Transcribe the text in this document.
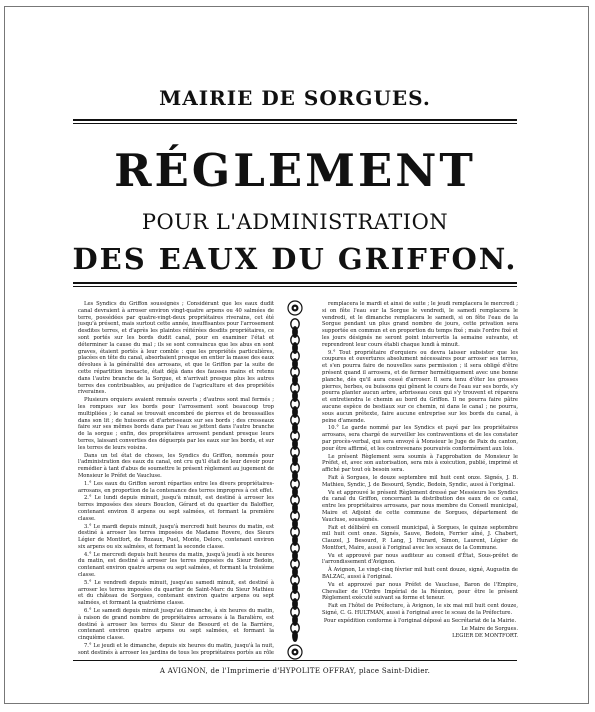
MAIRIE DE SORGUES.
RÉGLEMENT
POUR L'ADMINISTRATION
DES EAUX DU GRIFFON.

Les Syndics du Griffon soussignés ; Considérant que les eaux dudit canal devraient à arroser environ vingt-quatre arpens ou 40 salmées de terre, possédées par quatre-vingt-deux propriétaires riverains, cet été jusqu'à présent, mais surtout cette année, insuffisantes pour l'arrosement desdites terres, et d'après les plaintes réitérées desdits propriétaires, ce sont portés sur les bords dudit canal, pour en examiner l'état et déterminer la cause du mal ; ils se sont convaincus que les abus en sont graves, étaient portés à leur comble : que les propriétés particulières, placées en tête du canal, absorbaient presque en entier la masse des eaux dévolues à la généralité des arrosans, et que le Griffon par la suite de cette répartition inexacte, était déjà dans des fausses mains et retenu dans l'autre branche de la Sorgue, et n'arrivait presque plus les autres terres des contribuables, au préjudice de l'agriculture et des propriétés riveraines.

Plusieurs orquiers avaient remués ouverts ; d'autres sont mal fermés ; les rompues sur les bords pour l'arrosement sont beaucoup trop multipliées ; le canal se trouvait encombré de pierres et de broussailles dans son lit ; de huissons et d'arbrisseaux sur ses bords ; des cresseaux faire sur ses mêmes bords dans par l'eau se jettent dans l'autre branche de la sorgue ; enfin, des propriétaires arrosent pendant presque leurs terres, laissant converties des déguerpis par les eaux sur les bords, et sur les terres de leurs voisins.

Dans un tel état de choses, les Syndics du Griffon, nommés pour l'administration des eaux du canal, ont cru qu'il était de leur devoir pour remédier à tant d'abus de soumettre le présent règlement au jugement de Monsieur le Préfet de Vaucluse.

1.° Les eaux du Griffon seront réparties entre les divers propriétaires-arrosans, en proportion de la contenance des terres impropres à cet effet.

2.° Le lundi depuis minuit, jusqu'à minuit, est destiné à arroser les terres imposées des sieurs Bouclon, Gérard et du quartier du Baloffier, contenant environ 8 arpens ou sept salmées, et formant la première classe.

3.° Le mardi depuis minuit, jusqu'à mercredi huit heures du matin, est destiné à arroser les terres imposées de Madame Rovere, des Sieurs Légier de Montfort, de Rozaux, Puel, Monte, Delors, contenant environ six arpens ou six salmées, et formant la seconde classe.

4.° Le mercredi depuis huit heures du matin, jusqu'à jeudi à six heures du matin, est destiné à arroser les terres imposées du Sieur Bedoin, contenant environ quatre arpens ou sept salmées, et formant la troisième classe.

5.° Le vendredi depuis minuit, jusqu'au samedi minuit, est destiné à arroser les terres imposées du quartier de Saint-Marc du Sieur Mathieu et du château de Sorgues, contenant environ quatre arpens ou sept salmées, et formant la quatrième classe.

6.° Le samedi depuis minuit jusqu'au dimanche, à six heures du matin, à raison de grand nombre de propriétaires arrosans à la Baralière, est destiné à arroser les terres du Sieur de Besourd et de la Barrière, contenant environ quatre arpens ou sept salmées, et formant la cinquième classe.

7.° Le jeudi et le dimanche, depuis six heures du matin, jusqu'à la nuit, sont destinés à arroser les jardins de tous les propriétaires portés au rôle

remplacera le mardi et ainsi de suite ; le jeudi remplacera le mercredi ; si on fête l'eau sur la Sorgue le vendredi, le samedi remplacera le vendredi, et le dimanche remplacera le samedi, si on fête l'eau de la Sorgue pendant un plus grand nombre de jours, cette privation sera supportée en commun et en proportion du temps fixé ; mais l'ordre fixé et les jours désignés ne seront point intervertis la semaine suivante, et reprendront leur cours établi chaque lundi à minuit.

9.° Tout propriétaire d'orquiers ou devra laisser subsister que les coupures et ouvertures absolument nécessaires pour arroser ses terres, et s'en pourra faire de nouvelles sans permission ; il sera obligé d'être présent quand il arrosera, et de fermer hermétiquement avec une bonne planche, dès qu'il aura cessé d'arroser. Il sera tenu d'ôter les grosses pierres, herbes, ou buissons qui gênent le cours de l'eau sur ses bords, s'y pourra planter aucun arbre, arbrisseau ceux qui s'y trouvent et réparera et entretiendra le chemin au bord du Griffon. Il ne pourra faire pâtre aucune espèce de bestiaux sur ce chemin, ni dans le canal ; ne pourra, sous aucun prétexte, faire aucune entreprise sur les bords du canal, à peine d'amende.

10.° Le garde nommé par les Syndics et payé par les propriétaires arrosans, sera chargé de surveiller les contraventions et de les constater par procès-verbal, qui sera envoyé à Monsieur le Juge de Paix du canton, pour être affirmé, et les contrevenans poursuivis conformément aux lois.

Le présent Règlement sera soumis à l'approbation de Monsieur le Préfet, et, avec son autorisation, sera mis à exécution, publié, imprimé et affiché par tout où besoin sera.

Fait à Sorgues, le douze septembre mil huit cent onze. Signés, J. B. Mathieu, Syndic, J. de Besourd, Syndic, Bedoin, Syndic, aussi à l'original.

Vu et approuvé le présent Règlement dressé par Messieurs les Syndics du canal du Griffon, concernant la distribution des eaux de ce canal, entre les propriétaires arrosans, par nous membre du Conseil municipal, Maire et Adjoint de cette commune de Sorgues, département de Vaucluse, soussignés.

Fait et délibéré en conseil municipal, à Sorgues, le quinze septembre mil huit cent onze. Signés, Sauve, Bedoin, Ferrier aîné, J. Chabert, Clauzel, J. Besourd, P. Lang, J. Hurard, Simon, Laurent, Légier de Montfort, Maire, aussi à l'original avec les sceaux de la Commune.

Vu et approuvé par nous auditeur au conseil d'État, Sous-préfet de l'arrondissement d'Avignon.

À Avignon, Le vingt-cinq février mil huit cent douze, signé, Augustin de BALZAC, aussi à l'original.

Vu et approuvé par nous Préfet de Vaucluse, Baron de l'Empire, Chevalier de l'Ordre Impérial de la Réunion, pour être le présent Règlement exécuté suivant sa forme et teneur.

Fait en l'hôtel de Préfecture, à Avignon, le six mai mil huit cent douze, Signé, C. G. HULTMAN, aussi à l'original avec le sceau de la Préfecture.

Pour expédition conforme à l'original déposé au Secrétariat de la Mairie.

Le Maire de Sorgues.

LEGIER DE MONTFORT.

A AVIGNON, de l'Imprimerie d'HYPOLITE OFFRAY, place Saint-Didier.
